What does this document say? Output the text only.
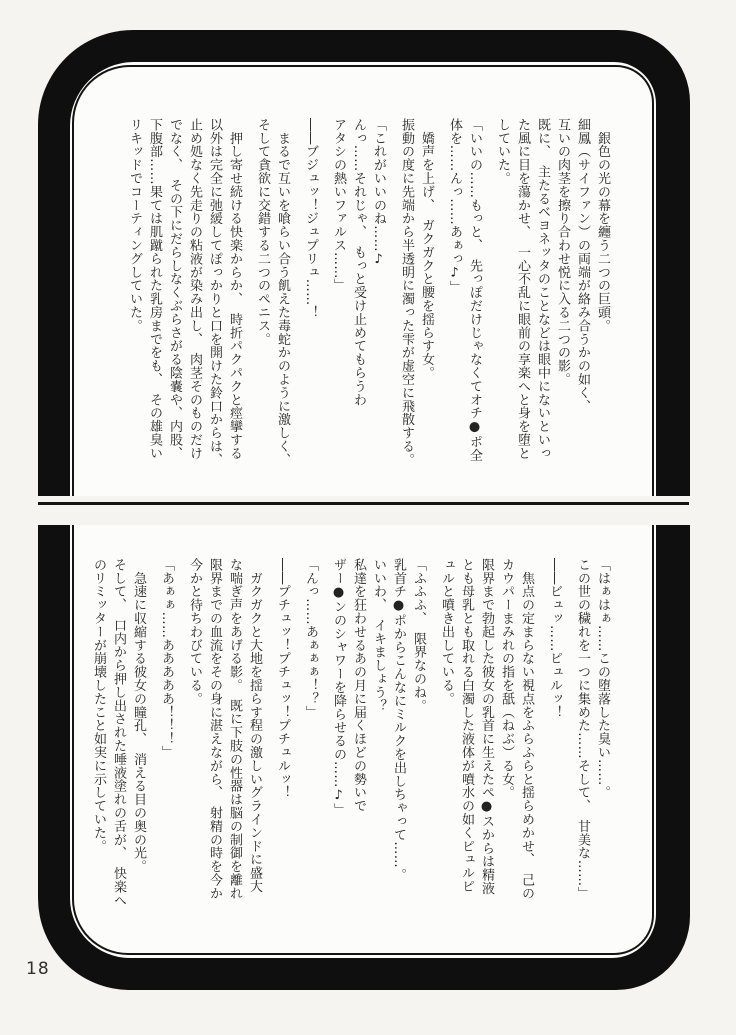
　銀色の光の幕を纏う二つの巨頭。
細鳳（サイファン）の両端が絡み合うかの如く、
互いの肉茎を擦り合わせ悦に入る二つの影。
既に、　主たるベヨネッタのことなどは眼中にないといっ
た風に目を蕩かせ、　一心不乱に眼前の享楽へと身を堕と
していた。
「いいの……もっと、　先っぽだけじゃなくてオチ●ポ全
体を……んっ……あぁっ♪」
　嬌声を上げ、　ガクガクと腰を揺らす女。
振動の度に先端から半透明に濁った雫が虚空に飛散する。
「これがいいのね……♪
んっ……それじゃ、　もっと受け止めてもらうわ
アタシの熱いファルス……」
――ブジュッ！ジュプリュ……！
　まるで互いを喰らい合う飢えた毒蛇かのように激しく、
そして貪欲に交錯する二つのペニス。
　押し寄せ続ける快楽からか、　時折パクパクと痙攣する
以外は完全に弛緩してぽっかりと口を開けた鈴口からは、
止め処なく先走りの粘液が染み出し、　肉茎そのものだけ
でなく、　その下にだらしなくぶらさがる陰嚢や、内股、
下腹部……果ては肌蹴られた乳房までをも、　その雄臭い
リキッドでコーティングしていた。
「はぁはぁ……この堕落した臭い……。
この世の穢れを一つに集めた……そして、　甘美な……」
――ビュッ……ピュルッ！
　焦点の定まらない視点をふらふらと揺らめかせ、　己の
カウパーまみれの指を舐（ねぶ）る女。
限界まで勃起した彼女の乳首に生えたペ●スからは精液
とも母乳とも取れる白濁した液体が噴水の如くピュルピ
ュルと噴き出している。
「ふふふ、　限界なのね。
乳首チ●ポからこんなにミルクを出しちゃって……。
いいわ、　イキましょう？
私達を狂わせるあの月に届くほどの勢いで
ザー●ンのシャワーを降らせるの……♪」
「んっ……あぁぁぁ！？」
――プチュッ！プチュッ！プチュルッ！
　ガクガクと大地を揺らす程の激しいグラインドに盛大
な喘ぎ声をあげる影。　既に下肢の性器は脳の制御を離れ
限界までの血流をその身に湛えながら、　射精の時を今か
今かと待ちわびている。
「あぁぁ……あああああ！！！」
　急速に収縮する彼女の瞳孔、　消える目の奥の光。
そして、　口内から押し出された唾液塗れの舌が、　快楽へ
のリミッターが崩壊したこと如実に示していた。
18
